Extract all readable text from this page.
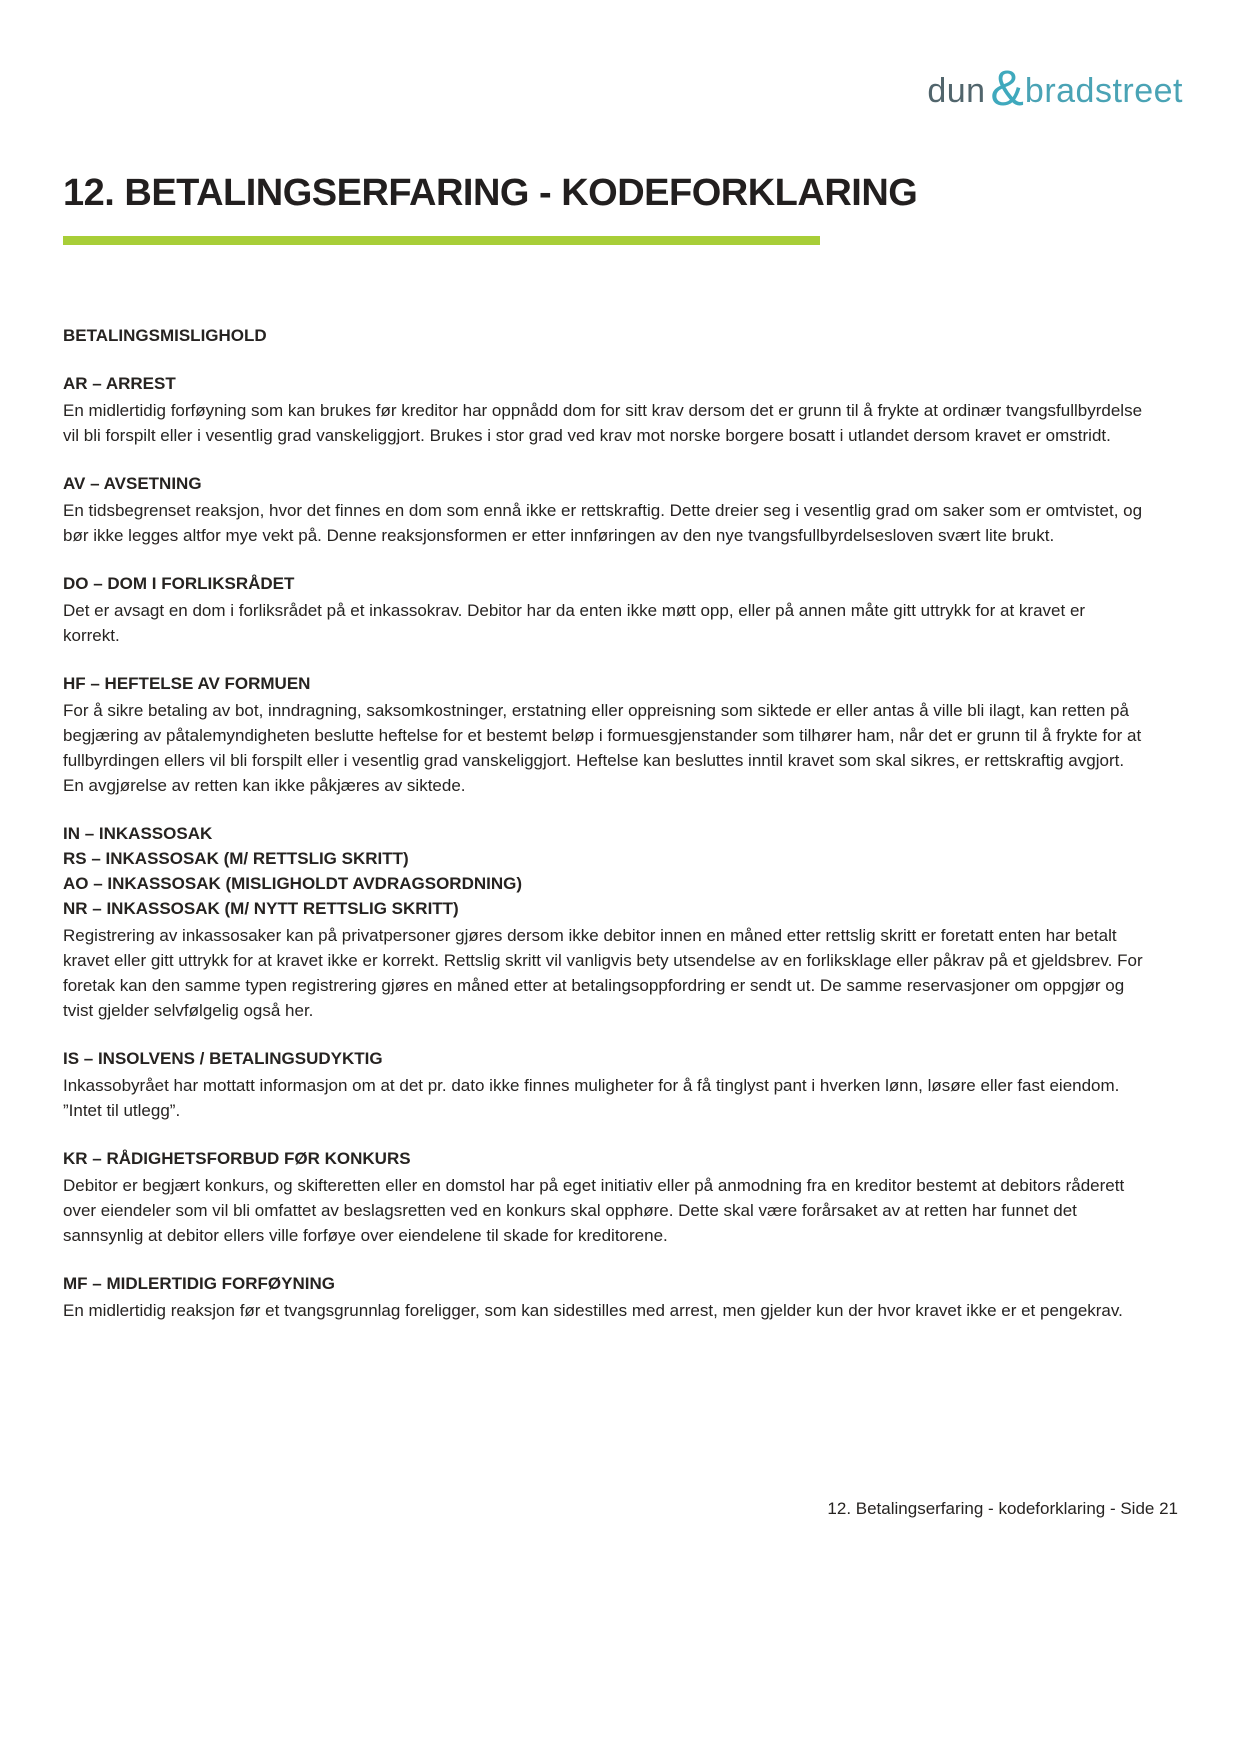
dun & bradstreet
12. BETALINGSERFARING - KODEFORKLARING
BETALINGSMISLIGHOLD
AR – ARREST
En midlertidig forføyning som kan brukes før kreditor har oppnådd dom for sitt krav dersom det er grunn til å frykte at ordinær tvangsfullbyrdelse vil bli forspilt eller i vesentlig grad vanskeliggjort. Brukes i stor grad ved krav mot norske borgere bosatt i utlandet dersom kravet er omstridt.
AV – AVSETNING
En tidsbegrenset reaksjon, hvor det finnes en dom som ennå ikke er rettskraftig. Dette dreier seg i vesentlig grad om saker som er omtvistet, og bør ikke legges altfor mye vekt på. Denne reaksjonsformen er etter innføringen av den nye tvangsfullbyrdelsesloven svært lite brukt.
DO – DOM I FORLIKSRÅDET
Det er avsagt en dom i forliksrådet på et inkassokrav. Debitor har da enten ikke møtt opp, eller på annen måte gitt uttrykk for at kravet er korrekt.
HF – HEFTELSE AV FORMUEN
For å sikre betaling av bot, inndragning, saksomkostninger, erstatning eller oppreisning som siktede er eller antas å ville bli ilagt, kan retten på begjæring av påtalemyndigheten beslutte heftelse for et bestemt beløp i formuesgjenstander som tilhører ham, når det er grunn til å frykte for at fullbyrdingen ellers vil bli forspilt eller i vesentlig grad vanskeliggjort. Heftelse kan besluttes inntil kravet som skal sikres, er rettskraftig avgjort. En avgjørelse av retten kan ikke påkjæres av siktede.
IN – INKASSOSAK
RS – INKASSOSAK (M/ RETTSLIG SKRITT)
AO – INKASSOSAK (MISLIGHOLDT AVDRAGSORDNING)
NR – INKASSOSAK (M/ NYTT RETTSLIG SKRITT)
Registrering av inkassosaker kan på privatpersoner gjøres dersom ikke debitor innen en måned etter rettslig skritt er foretatt enten har betalt kravet eller gitt uttrykk for at kravet ikke er korrekt. Rettslig skritt vil vanligvis bety utsendelse av en forliksklage eller påkrav på et gjeldsbrev. For foretak kan den samme typen registrering gjøres en måned etter at betalingsoppfordring er sendt ut. De samme reservasjoner om oppgjør og tvist gjelder selvfølgelig også her.
IS – INSOLVENS / BETALINGSUDYKTIG
Inkassobyrået har mottatt informasjon om at det pr. dato ikke finnes muligheter for å få tinglyst pant i hverken lønn, løsøre eller fast eiendom. ”Intet til utlegg”.
KR – RÅDIGHETSFORBUD FØR KONKURS
Debitor er begjært konkurs, og skifteretten eller en domstol har på eget initiativ eller på anmodning fra en kreditor bestemt at debitors råderett over eiendeler som vil bli omfattet av beslagsretten ved en konkurs skal opphøre. Dette skal være forårsaket av at retten har funnet det sannsynlig at debitor ellers ville forføye over eiendelene til skade for kreditorene.
MF – MIDLERTIDIG FORFØYNING
En midlertidig reaksjon før et tvangsgrunnlag foreligger, som kan sidestilles med arrest, men gjelder kun der hvor kravet ikke er et pengekrav.
12. Betalingserfaring - kodeforklaring - Side 21
